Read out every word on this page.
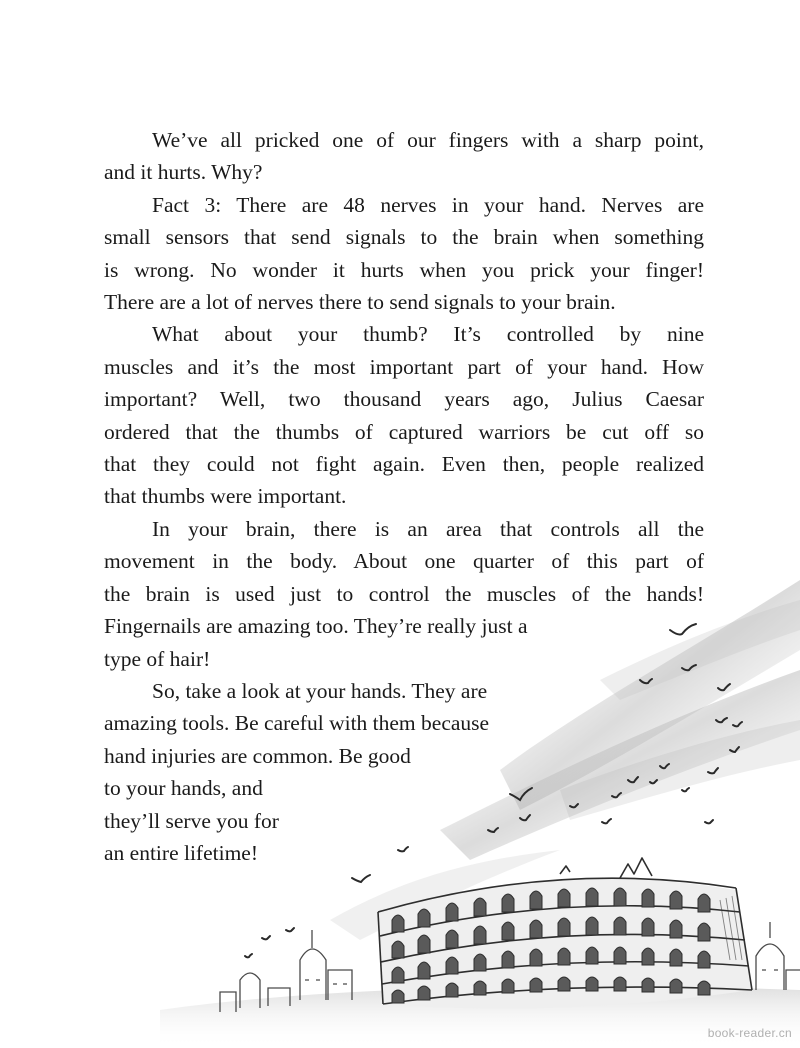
We’ve all pricked one of our fingers with a sharp point,
and it hurts. Why?
Fact 3: There are 48 nerves in your hand. Nerves are
small sensors that send signals to the brain when something
is wrong. No wonder it hurts when you prick your finger!
There are a lot of nerves there to send signals to your brain.
What about your thumb? It’s controlled by nine
muscles and it’s the most important part of your hand. How
important? Well, two thousand years ago, Julius Caesar
ordered that the thumbs of captured warriors be cut off so
that they could not fight again. Even then, people realized
that thumbs were important.
In your brain, there is an area that controls all the
movement in the body. About one quarter of this part of
the brain is used just to control the muscles of the hands!
Fingernails are amazing too. They’re really just a
type of hair!
So, take a look at your hands. They are
amazing tools. Be careful with them because
hand injuries are common. Be good
to your hands, and
they’ll serve you for
an entire lifetime!
book-reader.cn
